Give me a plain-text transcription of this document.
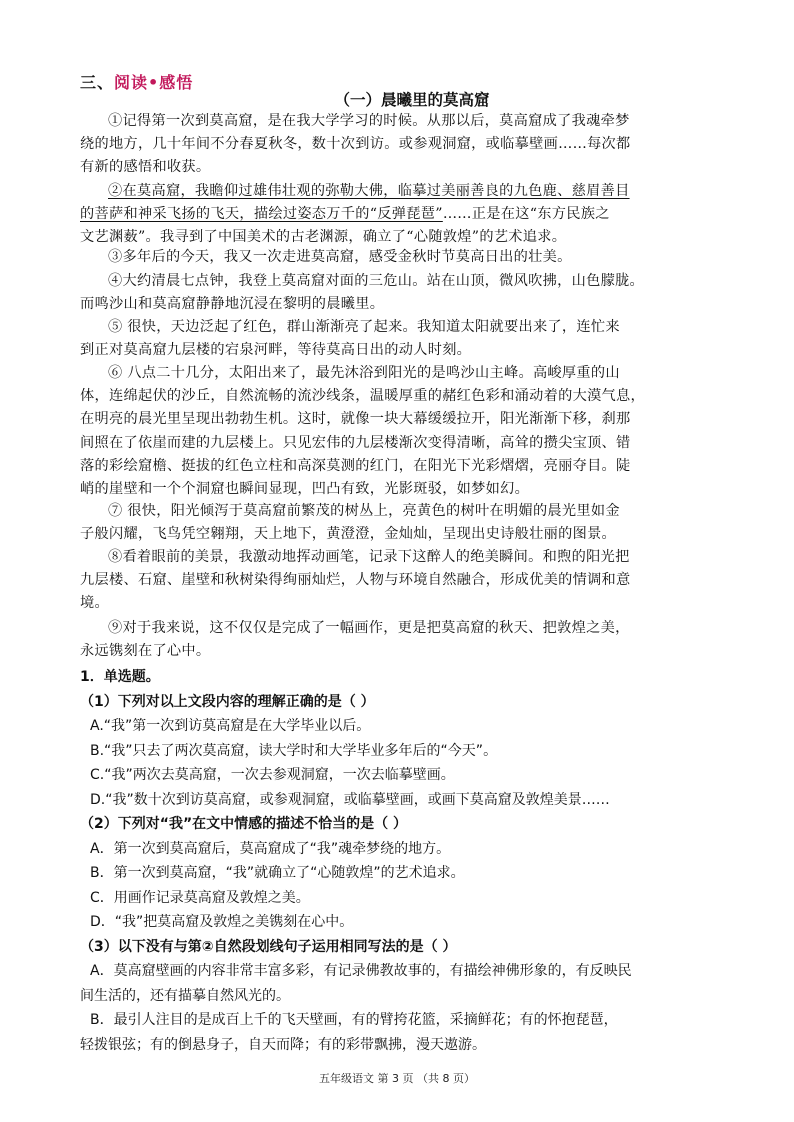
三、阅读•感悟
（一）晨曦里的莫高窟
①记得第一次到莫高窟，是在我大学学习的时候。从那以后，莫高窟成了我魂牵梦
绕的地方，几十年间不分春夏秋冬，数十次到访。或参观洞窟，或临摹壁画……每次都
有新的感悟和收获。
②在莫高窟，我瞻仰过雄伟壮观的弥勒大佛，临摹过美丽善良的九色鹿、慈眉善目
的菩萨和神采飞扬的飞天，描绘过姿态万千的“反弹琵琶”……正是在这“东方民族之
文艺渊薮”。我寻到了中国美术的古老渊源，确立了“心随敦煌”的艺术追求。
③多年后的今天，我又一次走进莫高窟，感受金秋时节莫高日出的壮美。
④大约清晨七点钟，我登上莫高窟对面的三危山。站在山顶，微风吹拂，山色朦胧。
而鸣沙山和莫高窟静静地沉浸在黎明的晨曦里。
⑤ 很快，天边泛起了红色，群山渐渐亮了起来。我知道太阳就要出来了，连忙来
到正对莫高窟九层楼的宕泉河畔，等待莫高日出的动人时刻。
⑥ 八点二十几分，太阳出来了，最先沐浴到阳光的是鸣沙山主峰。高峻厚重的山
体，连绵起伏的沙丘，自然流畅的流沙线条，温暖厚重的赭红色彩和涌动着的大漠气息，
在明亮的晨光里呈现出勃勃生机。这时，就像一块大幕缓缓拉开，阳光渐渐下移，刹那
间照在了依崖而建的九层楼上。只见宏伟的九层楼渐次变得清晰，高耸的攒尖宝顶、错
落的彩绘窟檐、挺拔的红色立柱和高深莫测的红门，在阳光下光彩熠熠，亮丽夺目。陡
峭的崖壁和一个个洞窟也瞬间显现，凹凸有致，光影斑驳，如梦如幻。
⑦ 很快，阳光倾泻于莫高窟前繁茂的树丛上，亮黄色的树叶在明媚的晨光里如金
子般闪耀，飞鸟凭空翱翔，天上地下，黄澄澄，金灿灿，呈现出史诗般壮丽的图景。
⑧看着眼前的美景，我激动地挥动画笔，记录下这醉人的绝美瞬间。和煦的阳光把
九层楼、石窟、崖壁和秋树染得绚丽灿烂，人物与环境自然融合，形成优美的情调和意
境。
⑨对于我来说，这不仅仅是完成了一幅画作，更是把莫高窟的秋天、把敦煌之美，
永远镌刻在了心中。
1．单选题。
（1）下列对以上文段内容的理解正确的是（ ）
A.“我”第一次到访莫高窟是在大学毕业以后。
B.“我”只去了两次莫高窟，读大学时和大学毕业多年后的“今天”。
C.“我”两次去莫高窟，一次去参观洞窟，一次去临摹壁画。
D.“我”数十次到访莫高窟，或参观洞窟，或临摹壁画，或画下莫高窟及敦煌美景……
（2）下列对“我”在文中情感的描述不恰当的是（ ）
A．第一次到莫高窟后，莫高窟成了“我”魂牵梦绕的地方。
B．第一次到莫高窟，“我”就确立了“心随敦煌”的艺术追求。
C．用画作记录莫高窟及敦煌之美。
D．“我”把莫高窟及敦煌之美镌刻在心中。
（3）以下没有与第②自然段划线句子运用相同写法的是（ ）
A．莫高窟壁画的内容非常丰富多彩，有记录佛教故事的，有描绘神佛形象的，有反映民
间生活的，还有描摹自然风光的。
B．最引人注目的是成百上千的飞天壁画，有的臂挎花篮，采摘鲜花；有的怀抱琵琶，
轻拨银弦；有的倒悬身子，自天而降；有的彩带飘拂，漫天遨游。
五年级语文 第 3 页 （共 8 页）
